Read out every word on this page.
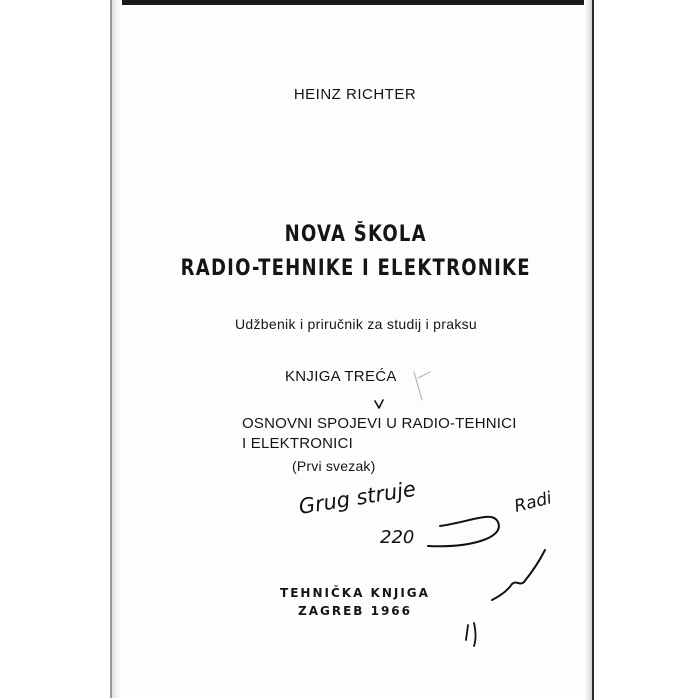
HEINZ RICHTER
NOVA ŠKOLA
RADIO-TEHNIKE I ELEKTRONIKE
Udžbenik i priručnik za studij i praksu
KNJIGA TREĆA
OSNOVNI SPOJEVI U RADIO-TEHNICI
I ELEKTRONICI
(Prvi svezak)
TEHNIČKA KNJIGA
ZAGREB 1966
Grug struje
220
Radi
